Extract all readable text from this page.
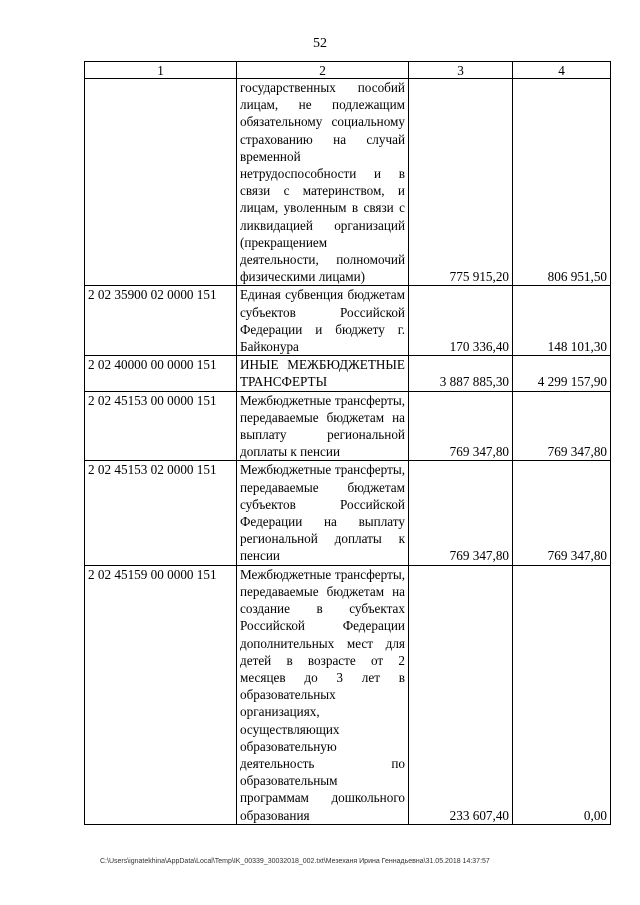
52
1	2	3	4
	государственных пособий лицам, не подлежащим обязательному социальному страхованию на случай временной нетрудоспособности и в связи с материнством, и лицам, уволенным в связи с ликвидацией организаций (прекращением деятельности, полномочий физическими лицами)	775 915,20	806 951,50
2 02 35900 02 0000 151	Единая субвенция бюджетам субъектов Российской Федерации и бюджету г. Байконура	170 336,40	148 101,30
2 02 40000 00 0000 151	ИНЫЕ МЕЖБЮДЖЕТНЫЕ ТРАНСФЕРТЫ	3 887 885,30	4 299 157,90
2 02 45153 00 0000 151	Межбюджетные трансферты, передаваемые бюджетам на выплату региональной доплаты к пенсии	769 347,80	769 347,80
2 02 45153 02 0000 151	Межбюджетные трансферты, передаваемые бюджетам субъектов Российской Федерации на выплату региональной доплаты к пенсии	769 347,80	769 347,80
2 02 45159 00 0000 151	Межбюджетные трансферты, передаваемые бюджетам на создание в субъектах Российской Федерации дополнительных мест для детей в возрасте от 2 месяцев до 3 лет в образовательных организациях, осуществляющих образовательную деятельность по образовательным программам дошкольного образования	233 607,40	0,00
C:\Users\ignatekhina\AppData\Local\Temp\IK_00339_30032018_002.txt\Мезеханя Ирина Геннадьевна\31.05.2018 14:37:57
